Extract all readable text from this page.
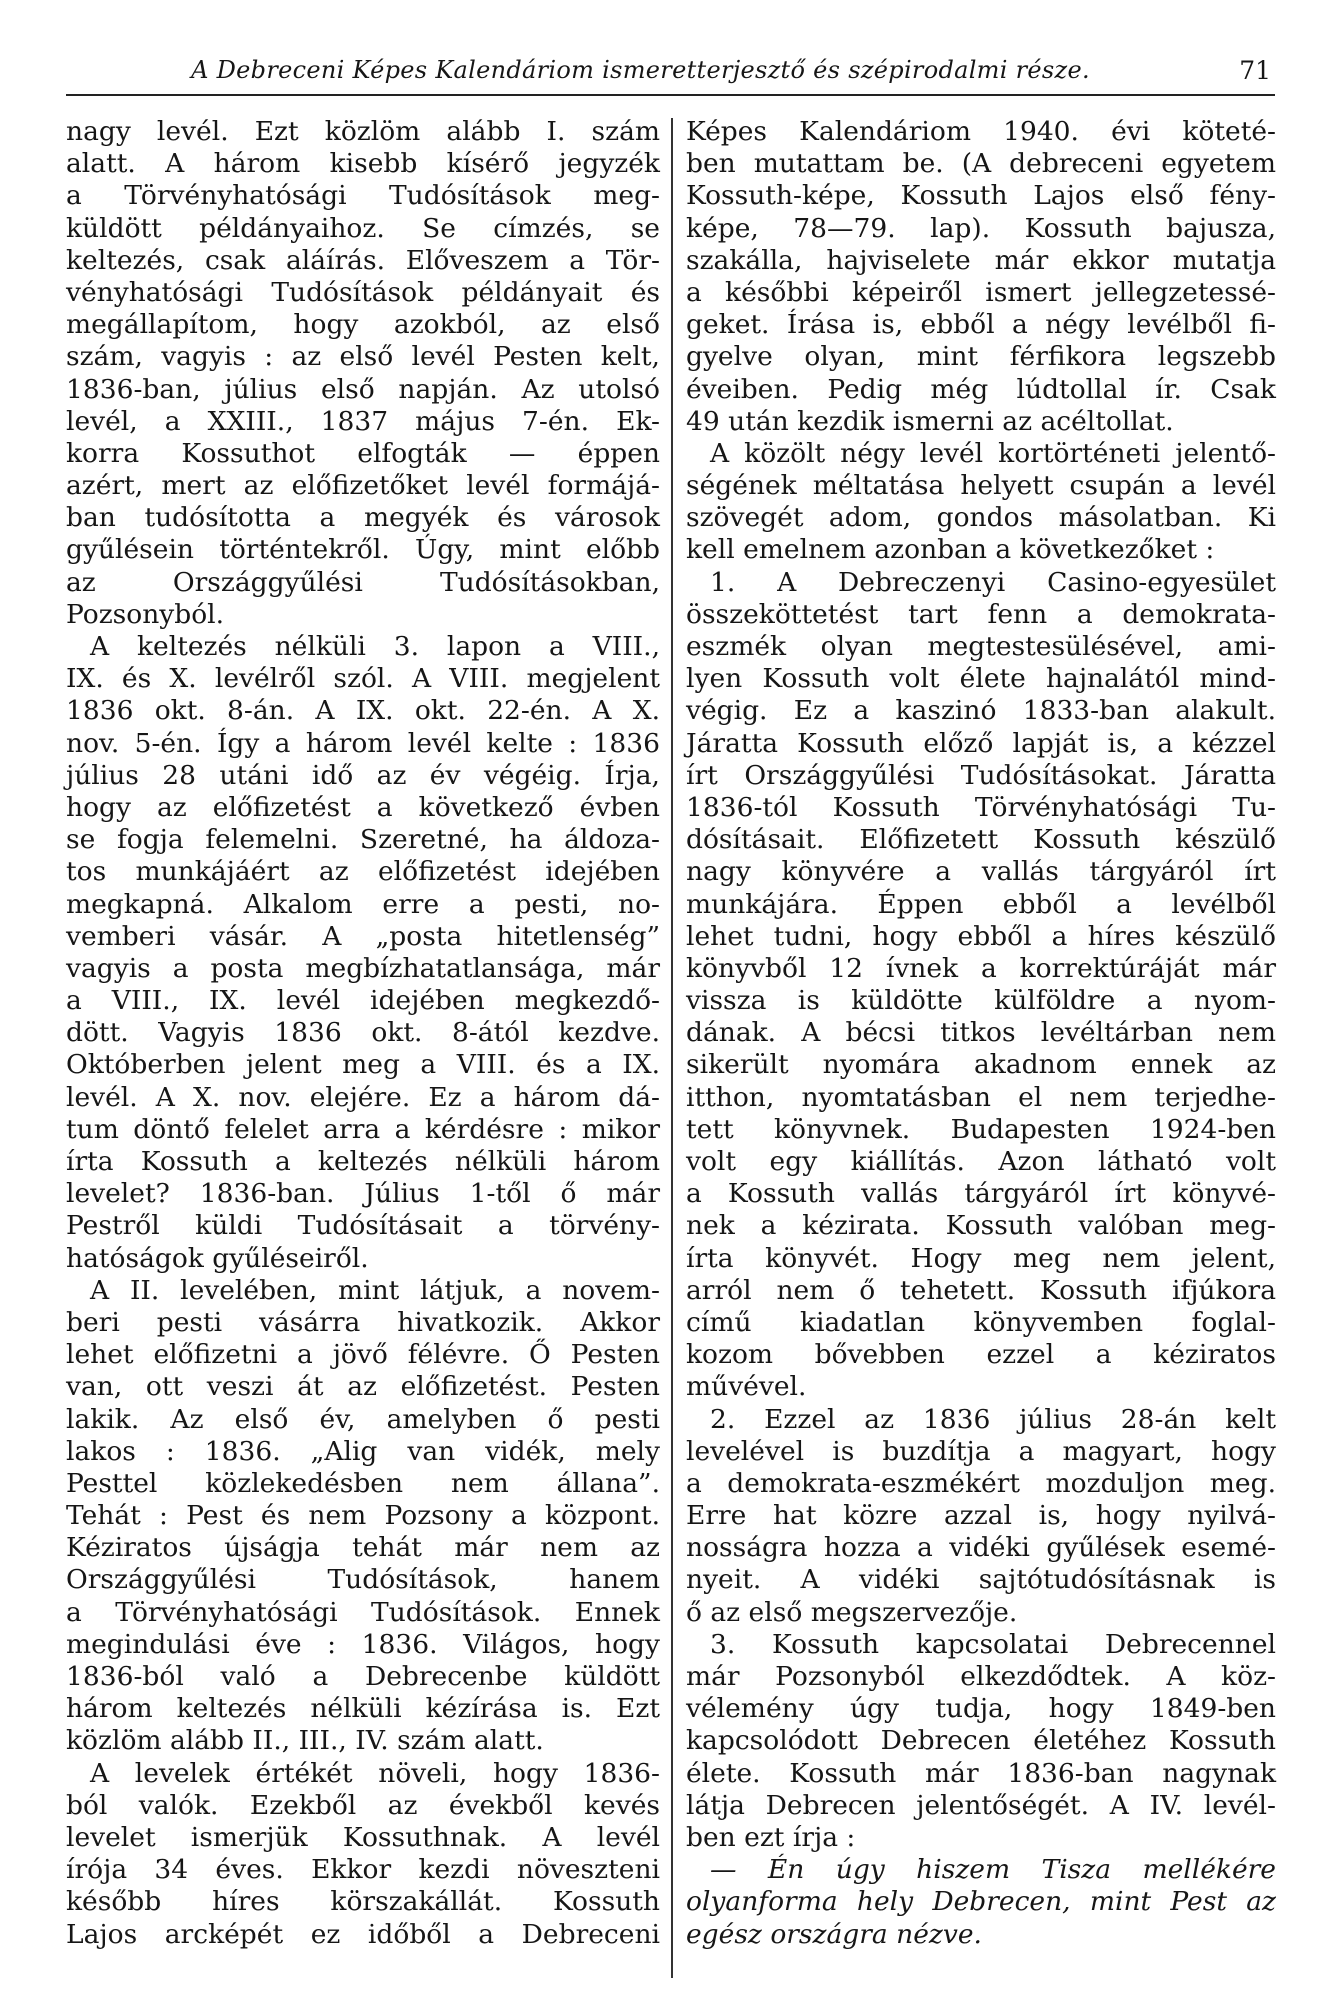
A Debreceni Képes Kalendáriom ismeretterjesztő és szépirodalmi része.	71
nagy levél. Ezt közlöm alább I. szám
alatt. A három kisebb kísérő jegyzék
a Törvényhatósági Tudósítások meg-
küldött példányaihoz. Se címzés, se
keltezés, csak aláírás. Előveszem a Tör-
vényhatósági Tudósítások példányait és
megállapítom, hogy azokból, az első
szám, vagyis : az első levél Pesten kelt,
1836-ban, július első napján. Az utolsó
levél, a XXIII., 1837 május 7-én. Ek-
korra Kossuthot elfogták — éppen
azért, mert az előfizetőket levél formájá-
ban tudósította a megyék és városok
gyűlésein történtekről. Úgy, mint előbb
az Országgyűlési Tudósításokban,
Pozsonyból.
A keltezés nélküli 3. lapon a VIII.,
IX. és X. levélről szól. A VIII. megjelent
1836 okt. 8-án. A IX. okt. 22-én. A X.
nov. 5-én. Így a három levél kelte : 1836
július 28 utáni idő az év végéig. Írja,
hogy az előfizetést a következő évben
se fogja felemelni. Szeretné, ha áldoza-
tos munkájáért az előfizetést idejében
megkapná. Alkalom erre a pesti, no-
vemberi vásár. A „posta hitetlenség”
vagyis a posta megbízhatatlansága, már
a VIII., IX. levél idejében megkezdő-
dött. Vagyis 1836 okt. 8-ától kezdve.
Októberben jelent meg a VIII. és a IX.
levél. A X. nov. elejére. Ez a három dá-
tum döntő felelet arra a kérdésre : mikor
írta Kossuth a keltezés nélküli három
levelet? 1836-ban. Július 1-től ő már
Pestről küldi Tudósításait a törvény-
hatóságok gyűléseiről.
A II. levelében, mint látjuk, a novem-
beri pesti vásárra hivatkozik. Akkor
lehet előfizetni a jövő félévre. Ő Pesten
van, ott veszi át az előfizetést. Pesten
lakik. Az első év, amelyben ő pesti
lakos : 1836. „Alig van vidék, mely
Pesttel közlekedésben nem állana”.
Tehát : Pest és nem Pozsony a központ.
Kéziratos újságja tehát már nem az
Országgyűlési Tudósítások, hanem
a Törvényhatósági Tudósítások. Ennek
megindulási éve : 1836. Világos, hogy
1836-ból való a Debrecenbe küldött
három keltezés nélküli kézírása is. Ezt
közlöm alább II., III., IV. szám alatt.
A levelek értékét növeli, hogy 1836-
ból valók. Ezekből az évekből kevés
levelet ismerjük Kossuthnak. A levél
írója 34 éves. Ekkor kezdi növeszteni
később híres körszakállát. Kossuth
Lajos arcképét ez időből a Debreceni
Képes Kalendáriom 1940. évi köteté-
ben mutattam be. (A debreceni egyetem
Kossuth-képe, Kossuth Lajos első fény-
képe, 78—79. lap). Kossuth bajusza,
szakálla, hajviselete már ekkor mutatja
a későbbi képeiről ismert jellegzetessé-
geket. Írása is, ebből a négy levélből fi-
gyelve olyan, mint férfikora legszebb
éveiben. Pedig még lúdtollal ír. Csak
49 után kezdik ismerni az acéltollat.
A közölt négy levél kortörténeti jelentő-
ségének méltatása helyett csupán a levél
szövegét adom, gondos másolatban. Ki
kell emelnem azonban a következőket :
1. A Debreczenyi Casino-egyesület
összeköttetést tart fenn a demokrata-
eszmék olyan megtestesülésével, ami-
lyen Kossuth volt élete hajnalától mind-
végig. Ez a kaszinó 1833-ban alakult.
Járatta Kossuth előző lapját is, a kézzel
írt Országgyűlési Tudósításokat. Járatta
1836-tól Kossuth Törvényhatósági Tu-
dósításait. Előfizetett Kossuth készülő
nagy könyvére a vallás tárgyáról írt
munkájára. Éppen ebből a levélből
lehet tudni, hogy ebből a híres készülő
könyvből 12 ívnek a korrektúráját már
vissza is küldötte külföldre a nyom-
dának. A bécsi titkos levéltárban nem
sikerült nyomára akadnom ennek az
itthon, nyomtatásban el nem terjedhe-
tett könyvnek. Budapesten 1924-ben
volt egy kiállítás. Azon látható volt
a Kossuth vallás tárgyáról írt könyvé-
nek a kézirata. Kossuth valóban meg-
írta könyvét. Hogy meg nem jelent,
arról nem ő tehetett. Kossuth ifjúkora
című kiadatlan könyvemben foglal-
kozom bővebben ezzel a kéziratos
művével.
2. Ezzel az 1836 július 28-án kelt
levelével is buzdítja a magyart, hogy
a demokrata-eszmékért mozduljon meg.
Erre hat közre azzal is, hogy nyilvá-
nosságra hozza a vidéki gyűlések esemé-
nyeit. A vidéki sajtótudósításnak is
ő az első megszervezője.
3. Kossuth kapcsolatai Debrecennel
már Pozsonyból elkezdődtek. A köz-
vélemény úgy tudja, hogy 1849-ben
kapcsolódott Debrecen életéhez Kossuth
élete. Kossuth már 1836-ban nagynak
látja Debrecen jelentőségét. A IV. levél-
ben ezt írja :
— Én úgy hiszem Tisza mellékére
olyanforma hely Debrecen, mint Pest az
egész országra nézve.
